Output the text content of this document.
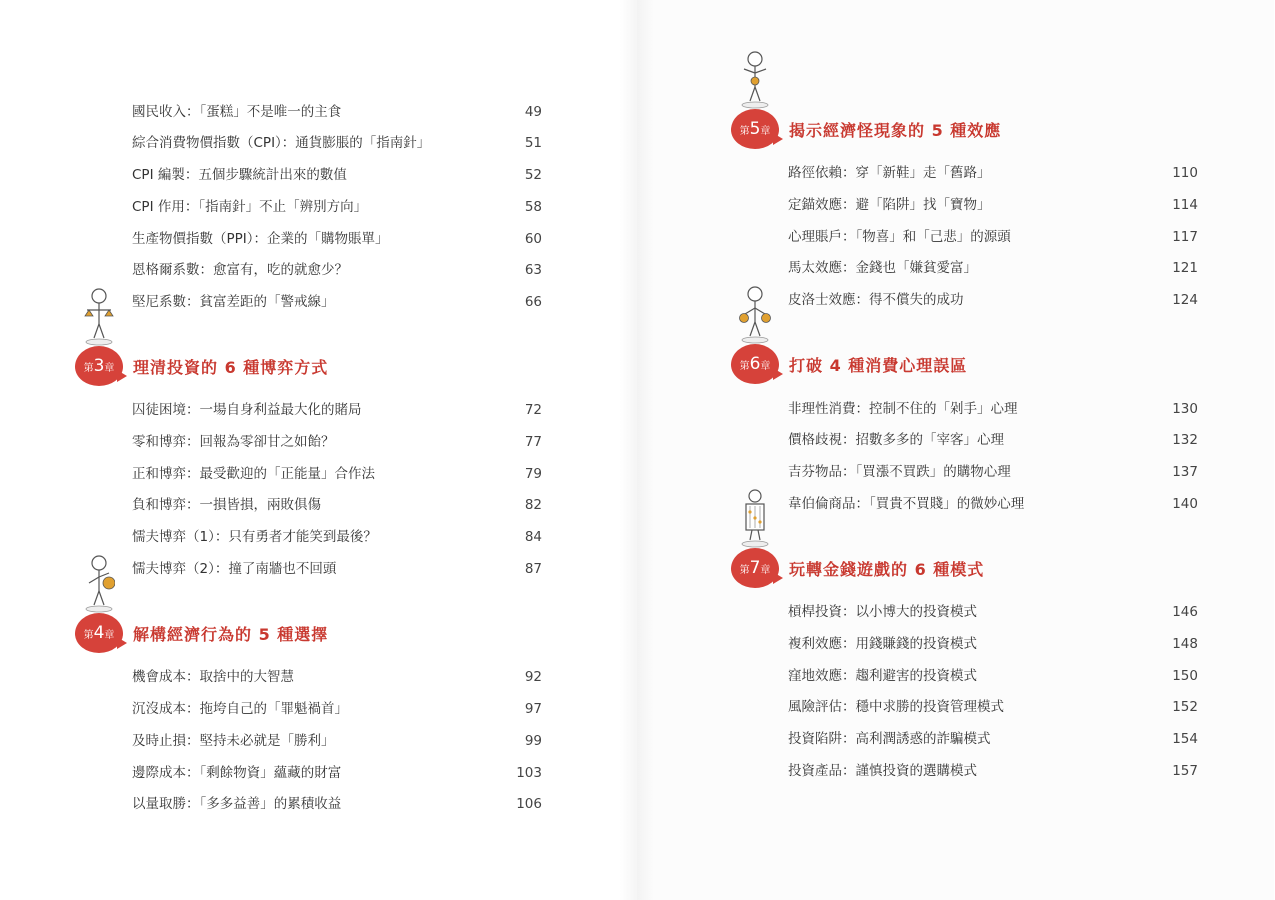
國民收入：「蛋糕」不是唯一的主食	49
綜合消費物價指數（CPI）：通貨膨脹的「指南針」	51
CPI 編製：五個步驟統計出來的數值	52
CPI 作用：「指南針」不止「辨別方向」	58
生產物價指數（PPI）：企業的「購物賬單」	60
恩格爾系數：愈富有，吃的就愈少？	63
堅尼系數：貧富差距的「警戒線」	66
第3章	理清投資的 6 種博弈方式
囚徒困境：一場自身利益最大化的賭局	72
零和博弈：回報為零卻甘之如飴？	77
正和博弈：最受歡迎的「正能量」合作法	79
負和博弈：一損皆損，兩敗俱傷	82
懦夫博弈（1）：只有勇者才能笑到最後？	84
懦夫博弈（2）：撞了南牆也不回頭	87
第4章	解構經濟行為的 5 種選擇
機會成本：取捨中的大智慧	92
沉沒成本：拖垮自己的「罪魁禍首」	97
及時止損：堅持未必就是「勝利」	99
邊際成本：「剩餘物資」蘊藏的財富	103
以量取勝：「多多益善」的累積收益	106
第5章	揭示經濟怪現象的 5 種效應
路徑依賴：穿「新鞋」走「舊路」	110
定錨效應：避「陷阱」找「寶物」	114
心理賬戶：「物喜」和「己悲」的源頭	117
馬太效應：金錢也「嫌貧愛富」	121
皮洛士效應：得不償失的成功	124
第6章	打破 4 種消費心理誤區
非理性消費：控制不住的「剁手」心理	130
價格歧視：招數多多的「宰客」心理	132
吉芬物品：「買漲不買跌」的購物心理	137
韋伯倫商品：「買貴不買賤」的微妙心理	140
第7章	玩轉金錢遊戲的 6 種模式
槓桿投資：以小博大的投資模式	146
複利效應：用錢賺錢的投資模式	148
窪地效應：趨利避害的投資模式	150
風險評估：穩中求勝的投資管理模式	152
投資陷阱：高利潤誘惑的詐騙模式	154
投資產品：謹慎投資的選購模式	157
